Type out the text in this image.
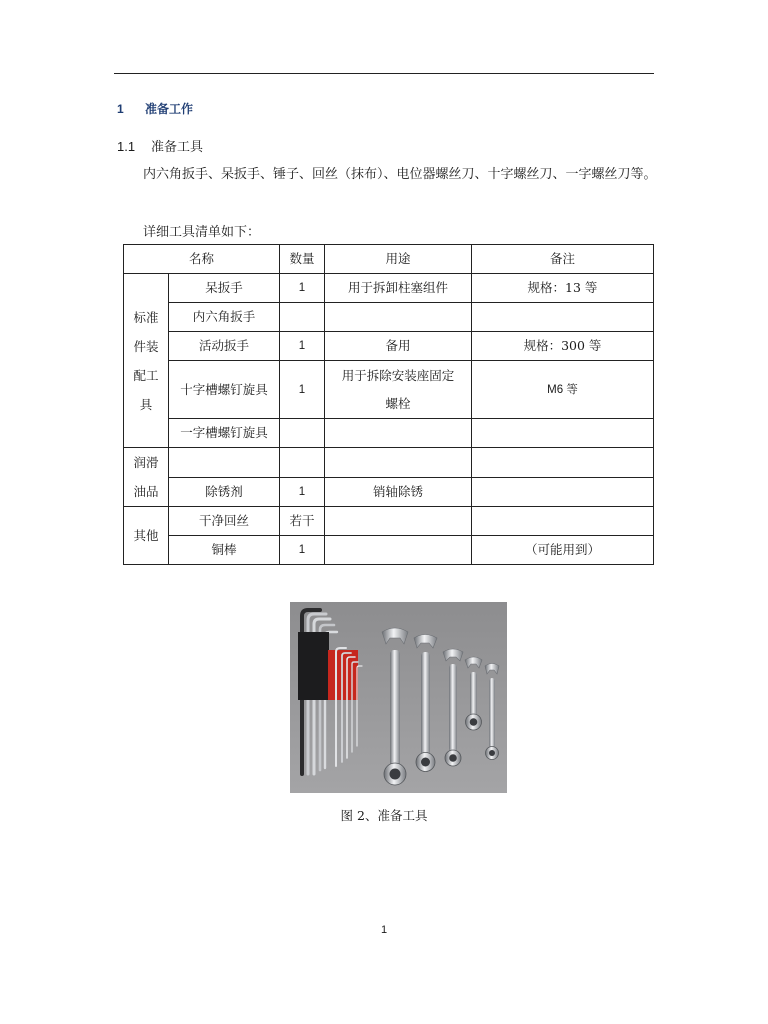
1 准备工作
1.1 准备工具
内六角扳手、呆扳手、锤子、回丝（抹布）、电位器螺丝刀、十字螺丝刀、一字螺丝刀等。
详细工具清单如下：
名称		数量	用途	备注

标准件装配工具	呆扳手	1	用于拆卸柱塞组件	规格：13 等
	内六角扳手			
	活动扳手	1	备用	规格：300 等
	十字槽螺钉旋具	1	用于拆除安装座固定螺栓	M6 等
	一字槽螺钉旋具			

润滑油品				

	除锈剂	1	销轴除锈	
其他	干净回丝	若干		
	铜棒	1		（可能用到）
图 2、准备工具
1
